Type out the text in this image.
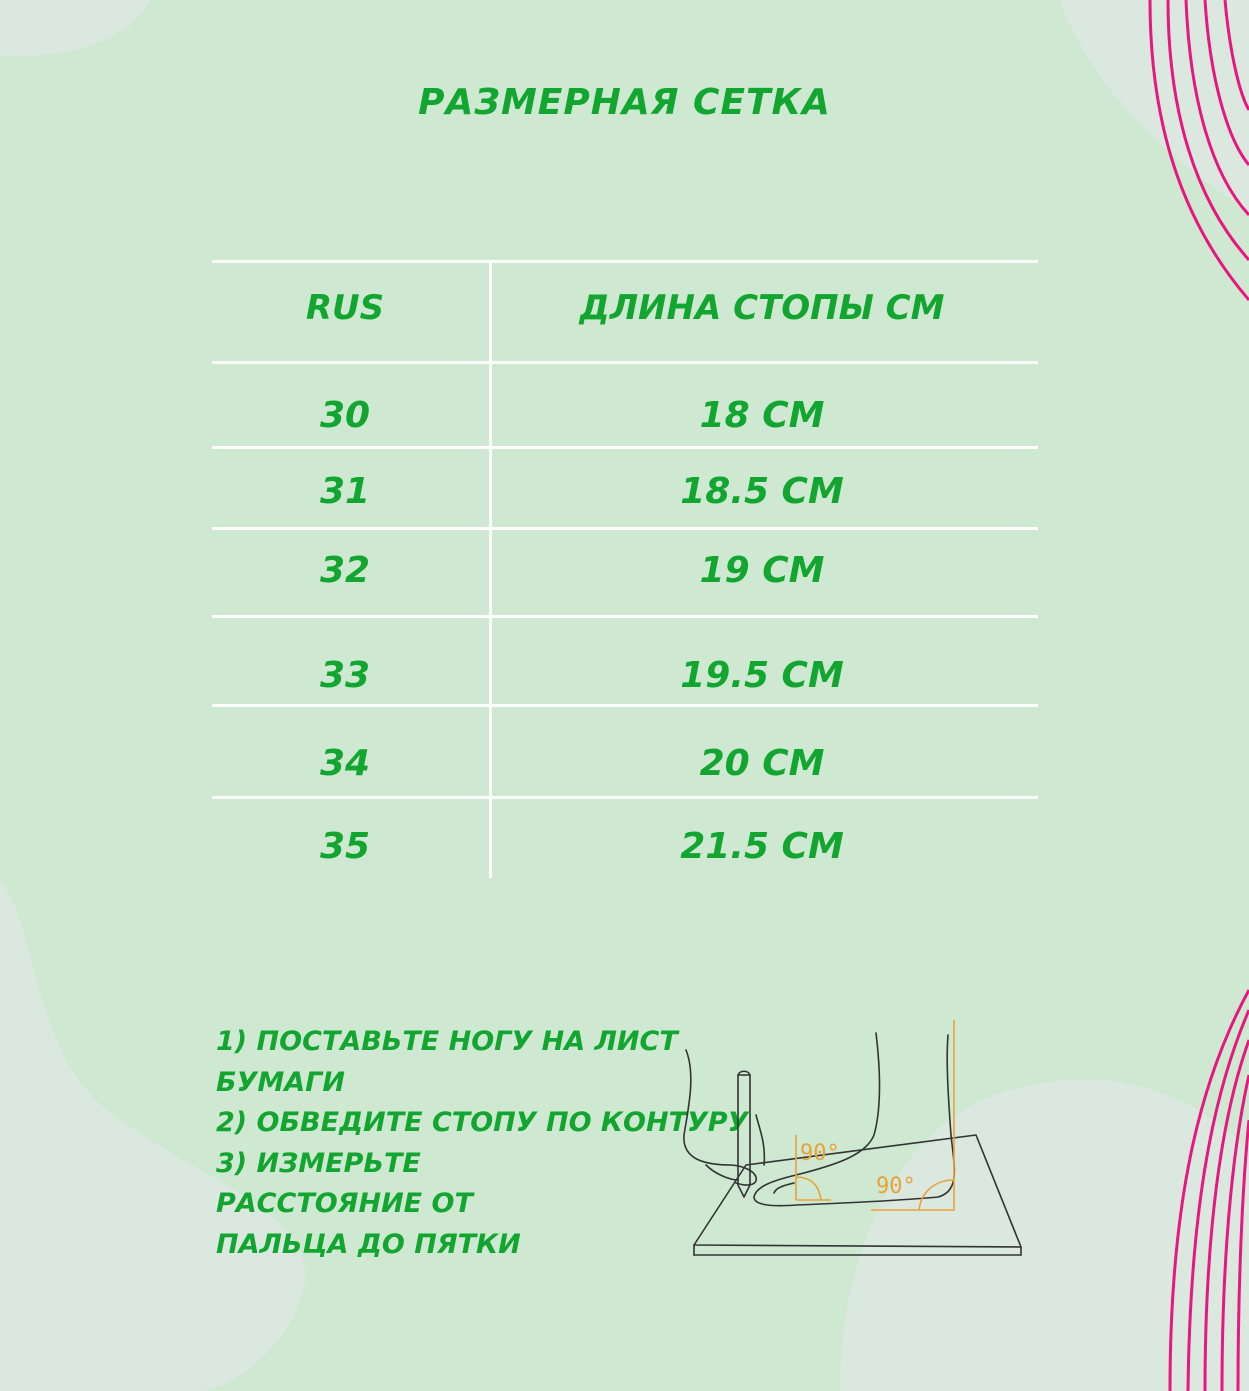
РАЗМЕРНАЯ СЕТКА
RUS	ДЛИНА СТОПЫ СМ
30	18 СМ
31	18.5 СМ
32	19 СМ
33	19.5 СМ
34	20 СМ
35	21.5 СМ
1) ПОСТАВЬТЕ НОГУ НА ЛИСТ
БУМАГИ
2) ОБВЕДИТЕ СТОПУ ПО КОНТУРУ
3) ИЗМЕРЬТЕ
РАССТОЯНИЕ ОТ
ПАЛЬЦА ДО ПЯТКИ
90°
90°
